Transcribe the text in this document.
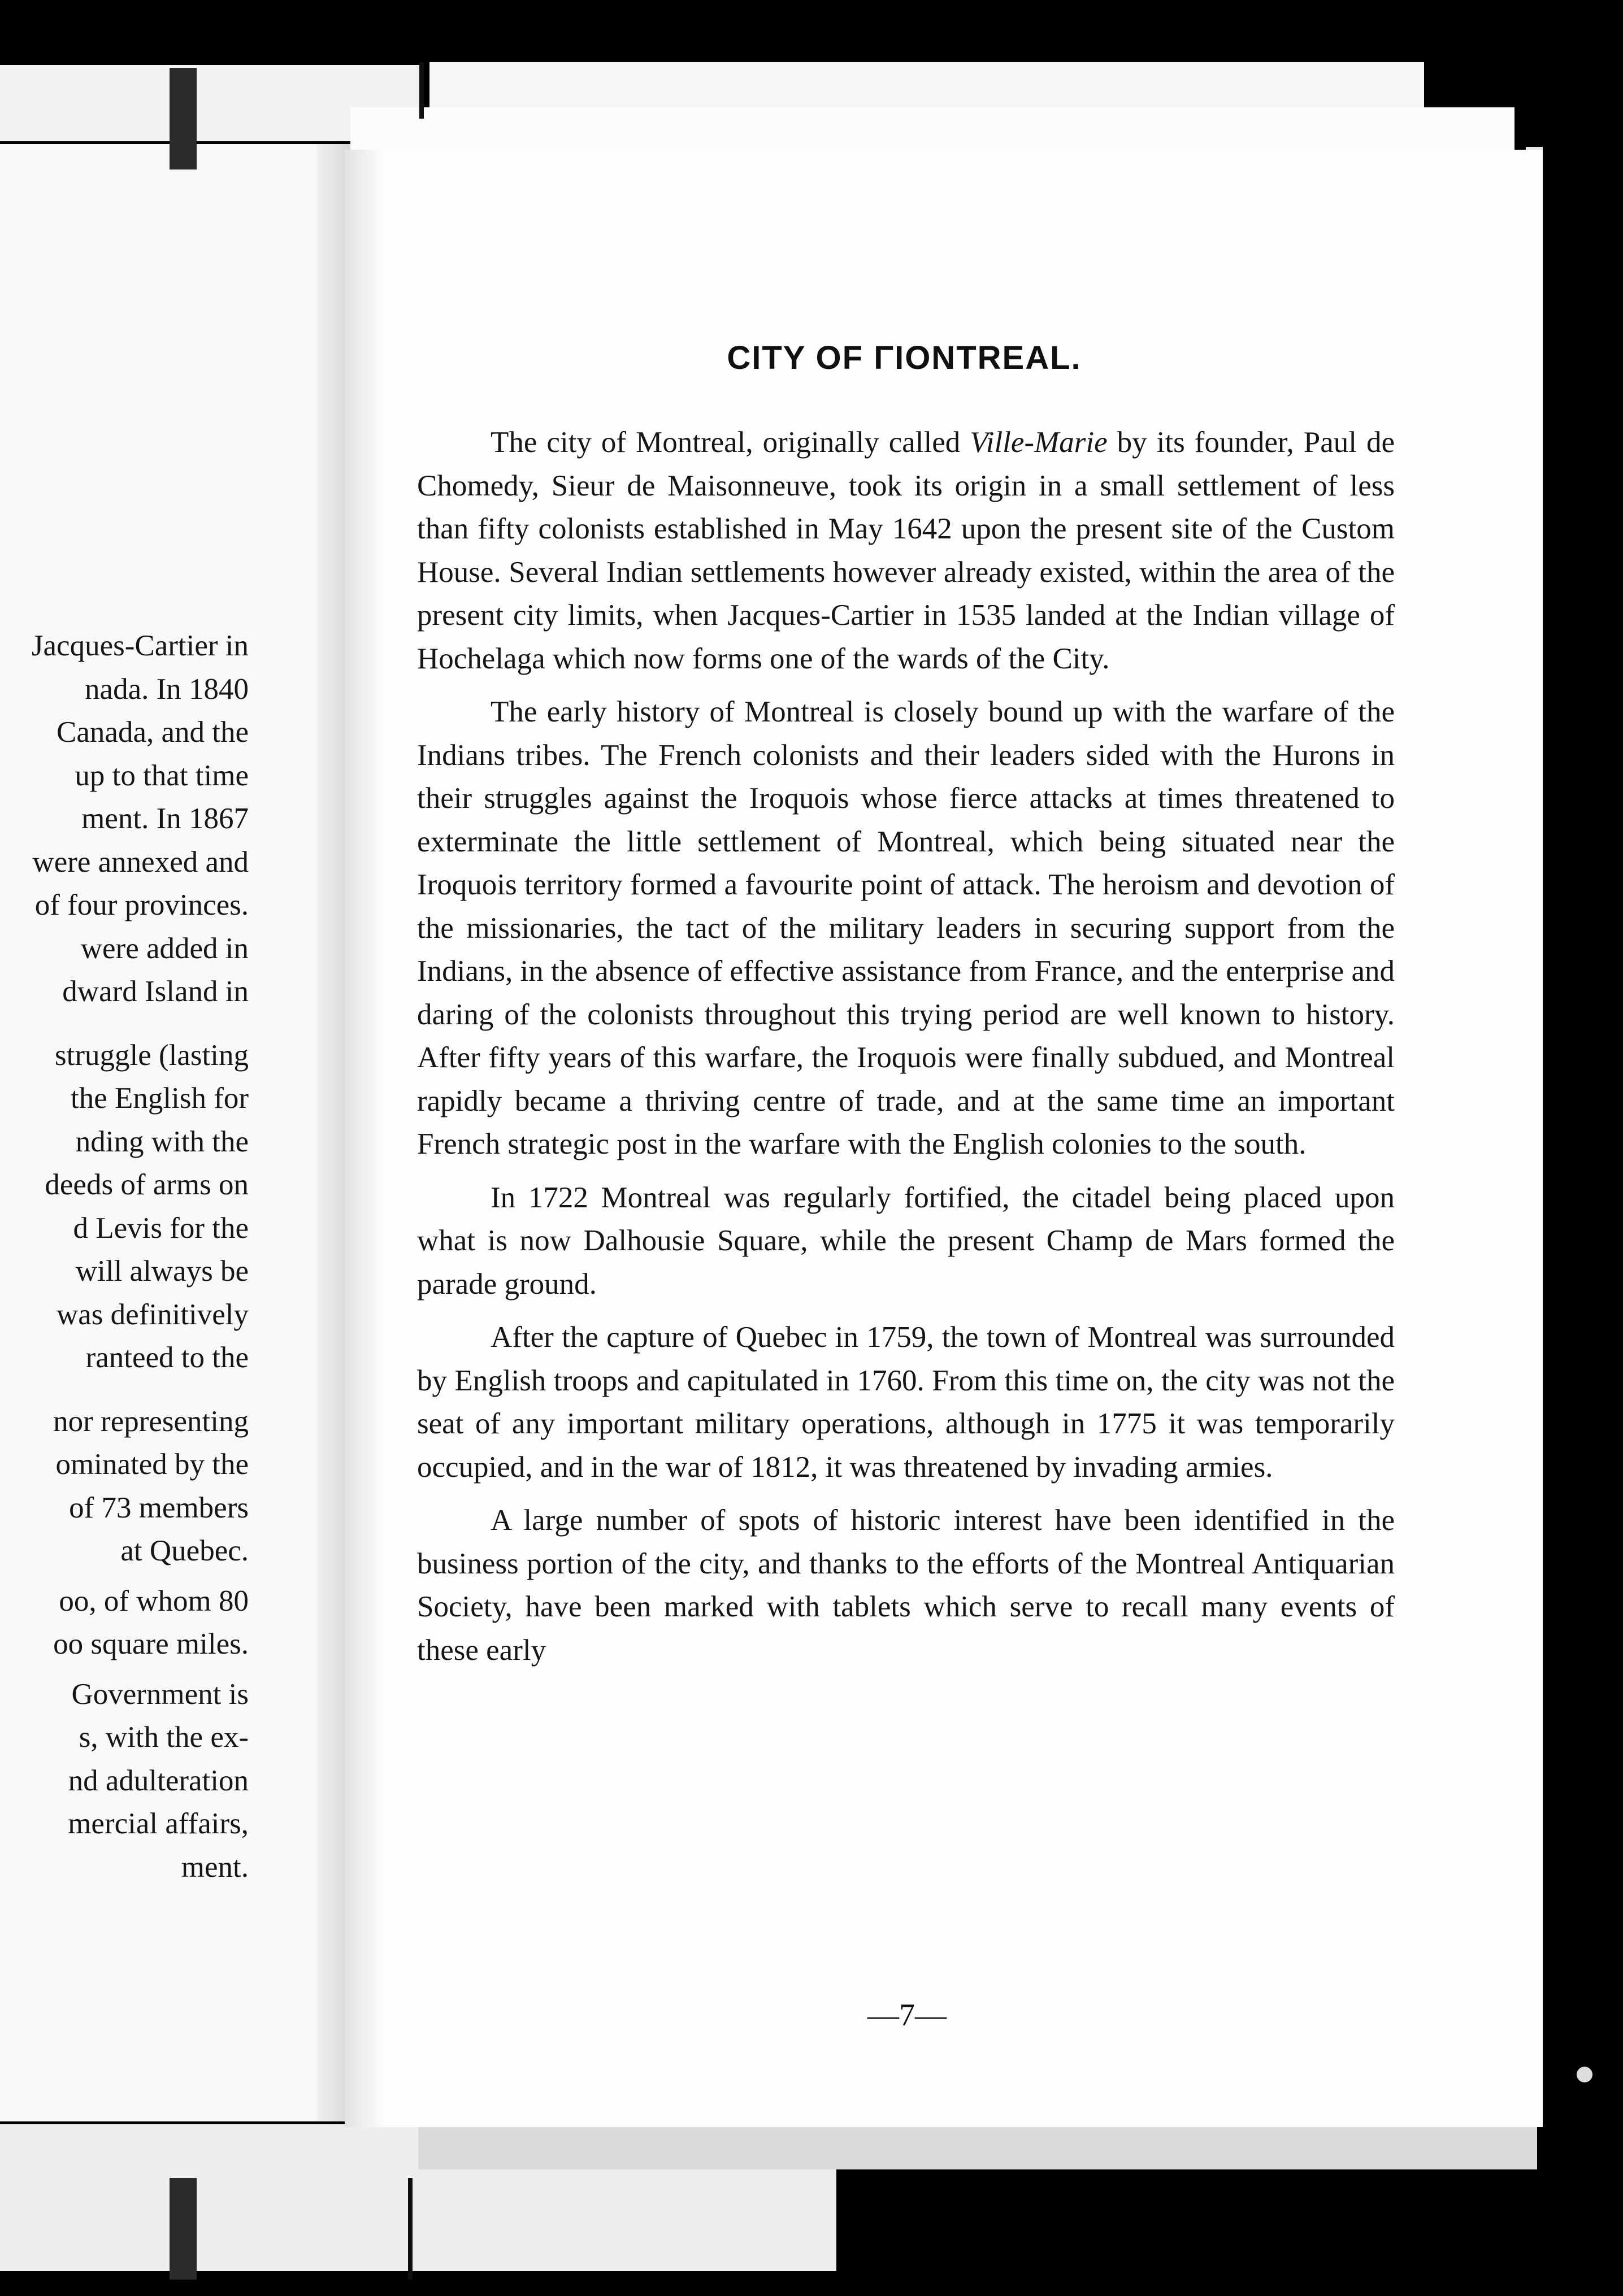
CITY OF ΓIONTREAL.

The city of Montreal, originally called Ville-Marie by its founder, Paul de Chomedy, Sieur de Maisonneuve, took its origin in a small settlement of less than fifty colonists established in May 1642 upon the present site of the Custom House. Several Indian settlements however already existed, within the area of the present city limits, when Jacques-Cartier in 1535 landed at the Indian village of Hochelaga which now forms one of the wards of the City.

The early history of Montreal is closely bound up with the warfare of the Indians tribes. The French colonists and their leaders sided with the Hurons in their struggles against the Iroquois whose fierce attacks at times threatened to exterminate the little settlement of Montreal, which being situated near the Iroquois territory formed a favourite point of attack. The heroism and devotion of the missionaries, the tact of the military leaders in securing support from the Indians, in the absence of effective assistance from France, and the enterprise and daring of the colonists throughout this trying period are well known to history. After fifty years of this warfare, the Iroquois were finally subdued, and Montreal rapidly became a thriving centre of trade, and at the same time an important French strategic post in the warfare with the English colonies to the south.

In 1722 Montreal was regularly fortified, the citadel being placed upon what is now Dalhousie Square, while the present Champ de Mars formed the parade ground.

After the capture of Quebec in 1759, the town of Montreal was surrounded by English troops and capitulated in 1760. From this time on, the city was not the seat of any important military operations, although in 1775 it was temporarily occupied, and in the war of 1812, it was threatened by invading armies.

A large number of spots of historic interest have been identified in the business portion of the city, and thanks to the efforts of the Montreal Antiquarian Society, have been marked with tablets which serve to recall many events of these early

—7—
Jacques-Cartier in
nada. In 1840
Canada, and the
up to that time
ment. In 1867
were annexed and
of four provinces.
were added in
dward Island in
struggle (lasting
the English for
nding with the
deeds of arms on
d Levis for the
will always be
was definitively
ranteed to the
nor representing
ominated by the
of 73 members
at Quebec.
oo, of whom 80
oo square miles.
Government is
s, with the ex-
nd adulteration
mercial affairs,
ment.
